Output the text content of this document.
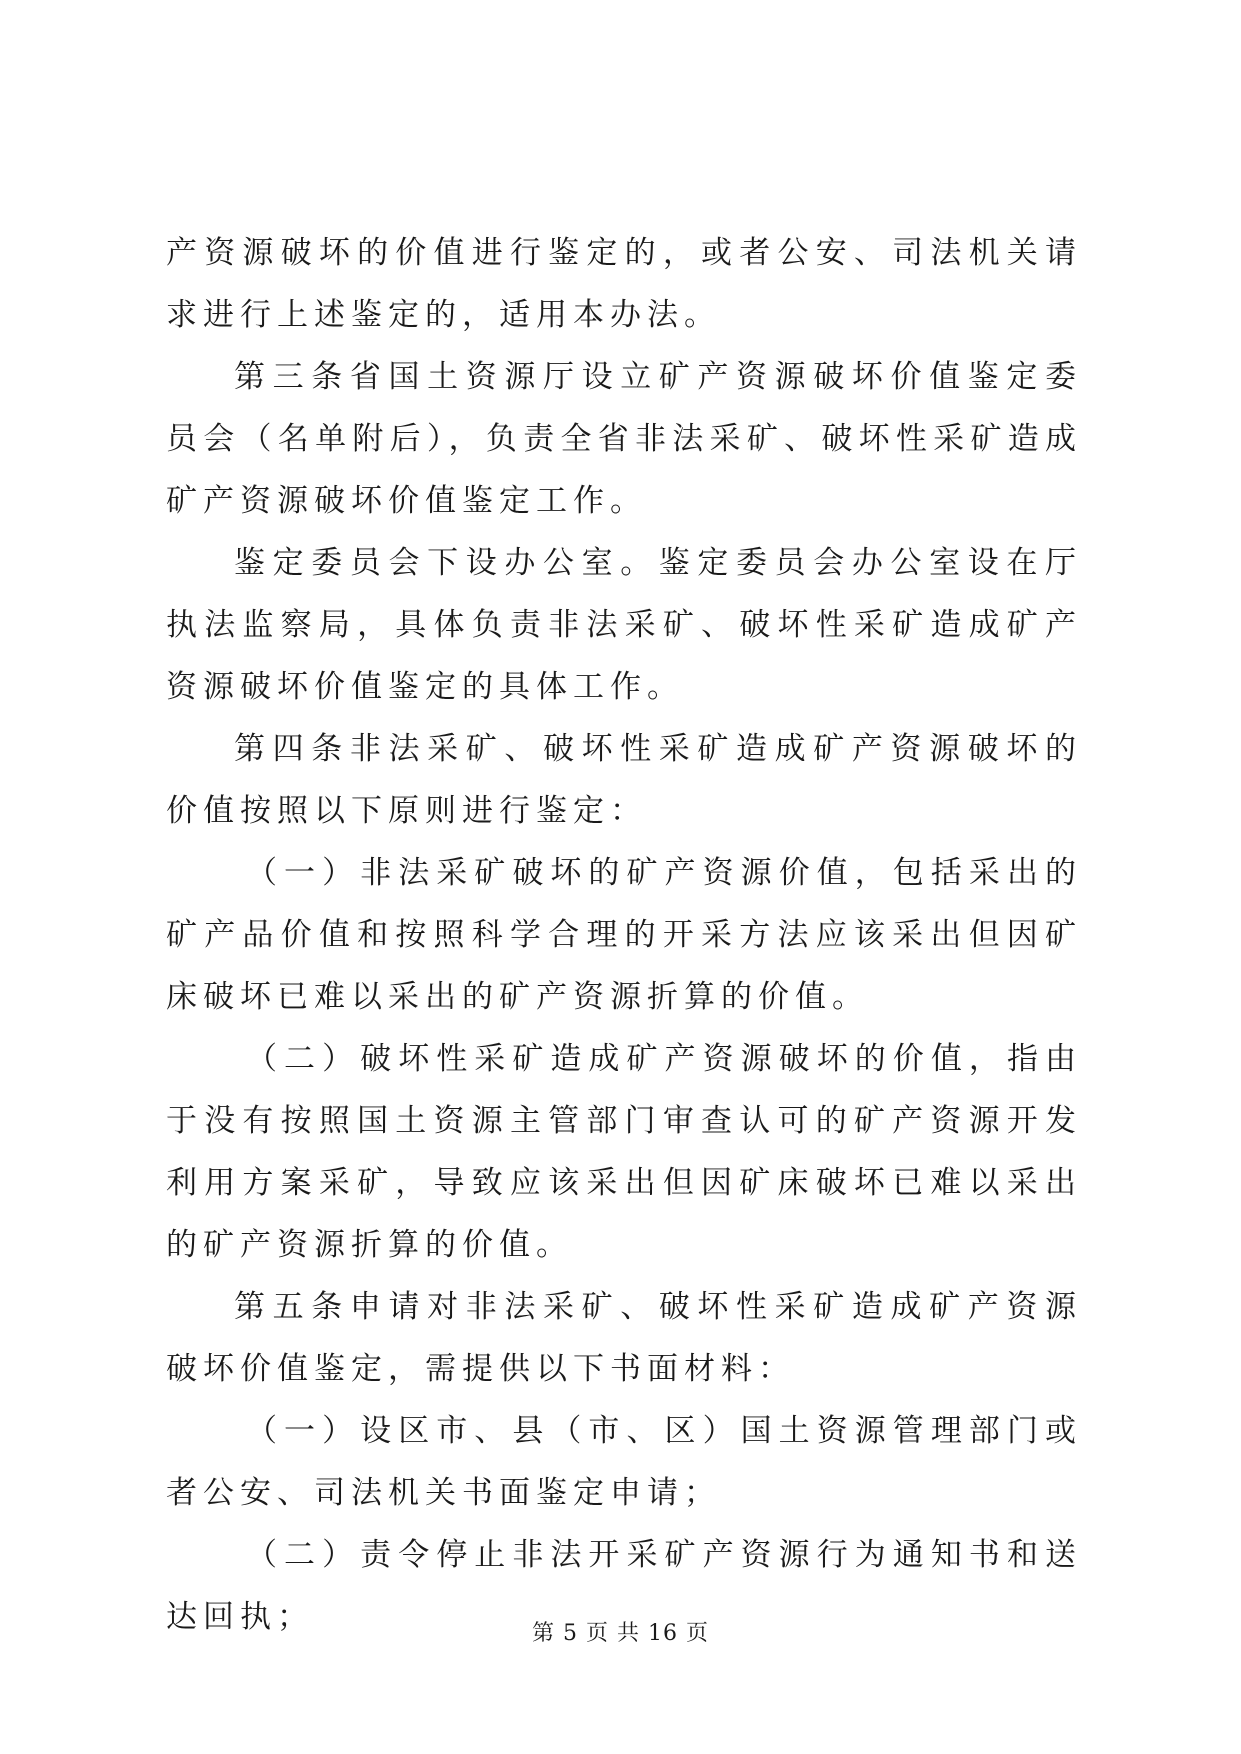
产资源破坏的价值进行鉴定的，或者公安、司法机关请求进行上述鉴定的，适用本办法。

第三条省国土资源厅设立矿产资源破坏价值鉴定委员会（名单附后），负责全省非法采矿、破坏性采矿造成矿产资源破坏价值鉴定工作。

鉴定委员会下设办公室。鉴定委员会办公室设在厅执法监察局，具体负责非法采矿、破坏性采矿造成矿产资源破坏价值鉴定的具体工作。

第四条非法采矿、破坏性采矿造成矿产资源破坏的价值按照以下原则进行鉴定：

（一）非法采矿破坏的矿产资源价值，包括采出的矿产品价值和按照科学合理的开采方法应该采出但因矿床破坏已难以采出的矿产资源折算的价值。

（二）破坏性采矿造成矿产资源破坏的价值，指由于没有按照国土资源主管部门审查认可的矿产资源开发利用方案采矿，导致应该采出但因矿床破坏已难以采出的矿产资源折算的价值。

第五条申请对非法采矿、破坏性采矿造成矿产资源破坏价值鉴定，需提供以下书面材料：

（一）设区市、县（市、区）国土资源管理部门或者公安、司法机关书面鉴定申请；

（二）责令停止非法开采矿产资源行为通知书和送达回执；	第 5 页 共 16 页
